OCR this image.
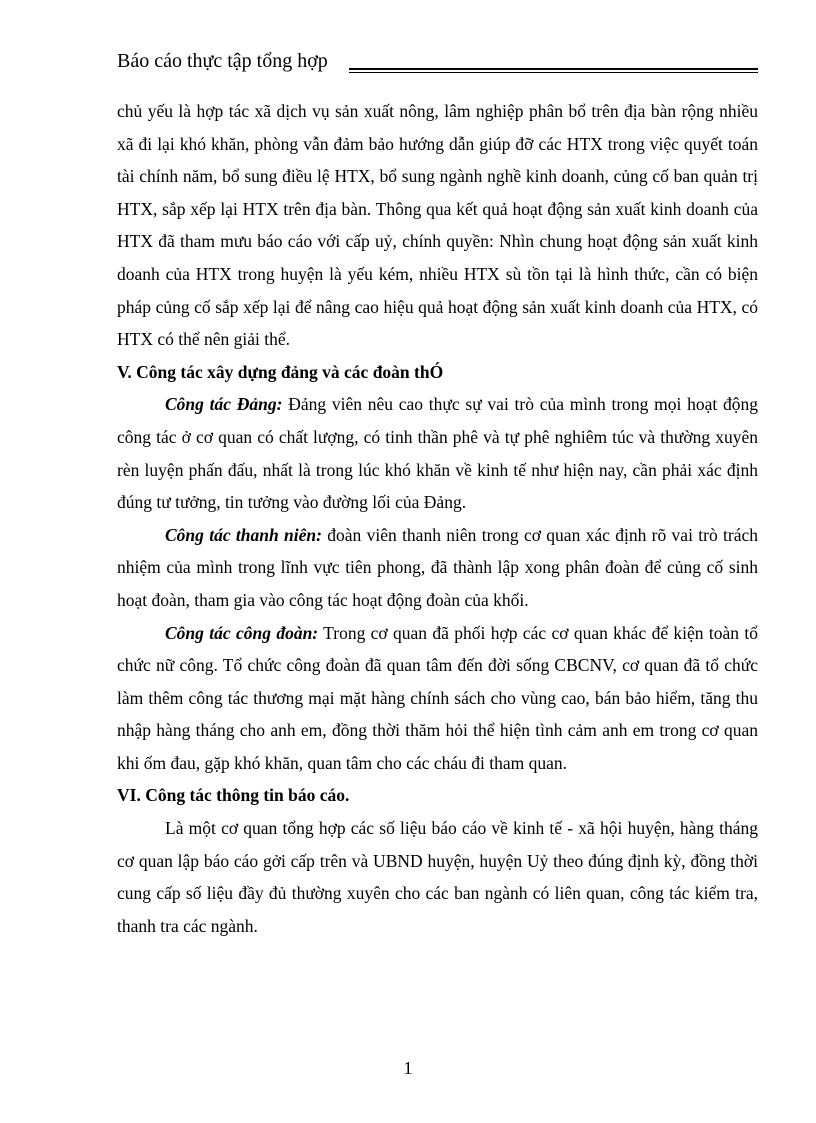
Báo cáo thực tập tổng hợp

chủ yếu là hợp tác xã dịch vụ sản xuất nông, lâm nghiệp phân bổ trên địa bàn rộng nhiều xã đi lại khó khăn, phòng vẫn đảm bảo hướng dẫn giúp đỡ các HTX trong việc quyết toán tài chính năm, bổ sung điều lệ HTX, bổ sung ngành nghề kinh doanh, củng cố ban quản trị HTX, sắp xếp lại HTX trên địa bàn. Thông qua kết quả hoạt động sản xuất kinh doanh của HTX đã tham mưu báo cáo với cấp uỷ, chính quyền: Nhìn chung hoạt động sản xuất kinh doanh của HTX trong huyện là yếu kém, nhiều HTX sù tồn tại là hình thức, cần có biện pháp củng cố sắp xếp lại để nâng cao hiệu quả hoạt động sản xuất kinh doanh của HTX, có HTX có thể nên giải thể.

V. Công tác xây dựng đảng và các đoàn thÓ

Công tác Đảng: Đảng viên nêu cao thực sự vai trò của mình trong mọi hoạt động công tác ở cơ quan có chất lượng, có tinh thần phê và tự phê nghiêm túc và thường xuyên rèn luyện phấn đấu, nhất là trong lúc khó khăn về kinh tế như hiện nay, cần phải xác định đúng tư tưởng, tin tưởng vào đường lối của Đảng.

Công tác thanh niên: đoàn viên thanh niên trong cơ quan xác định rõ vai trò trách nhiệm của mình trong lĩnh vực tiên phong, đã thành lập xong phân đoàn để củng cố sinh hoạt đoàn, tham gia vào công tác hoạt động đoàn của khối.

Công tác công đoàn: Trong cơ quan đã phối hợp các cơ quan khác để kiện toàn tổ chức nữ công. Tổ chức công đoàn đã quan tâm đến đời sống CBCNV, cơ quan đã tổ chức làm thêm công tác thương mại mặt hàng chính sách cho vùng cao, bán bảo hiểm, tăng thu nhập hàng tháng cho anh em, đồng thời thăm hỏi thể hiện tình cảm anh em trong cơ quan khi ốm đau, gặp khó khăn, quan tâm cho các cháu đi tham quan.

VI. Công tác thông tin báo cáo.

Là một cơ quan tổng hợp các số liệu báo cáo về kinh tế - xã hội huyện, hàng tháng cơ quan lập báo cáo gởi cấp trên và UBND huyện, huyện Uỷ theo đúng định kỳ, đồng thời cung cấp số liệu đầy đủ thường xuyên cho các ban ngành có liên quan, công tác kiểm tra, thanh tra các ngành.

1
